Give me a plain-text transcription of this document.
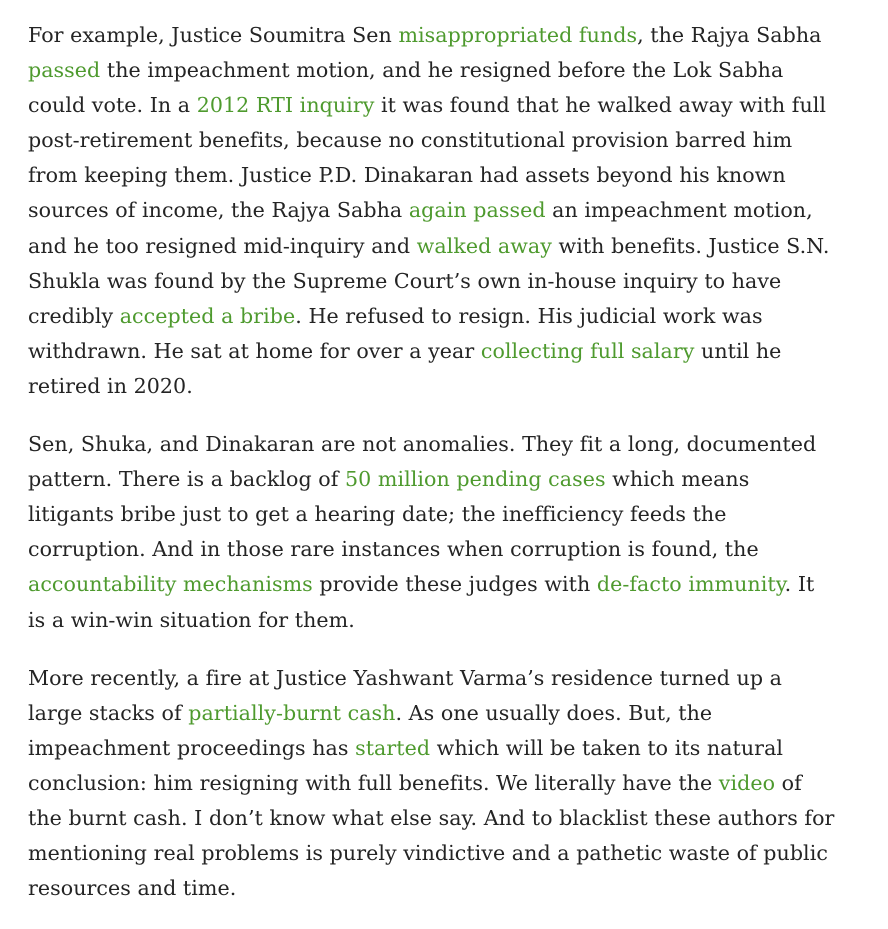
For example, Justice Soumitra Sen misappropriated funds, the Rajya Sabha passed the impeachment motion, and he resigned before the Lok Sabha could vote. In a 2012 RTI inquiry it was found that he walked away with full post-retirement benefits, because no constitutional provision barred him from keeping them. Justice P.D. Dinakaran had assets beyond his known sources of income, the Rajya Sabha again passed an impeachment motion, and he too resigned mid-inquiry and walked away with benefits. Justice S.N. Shukla was found by the Supreme Court’s own in-house inquiry to have credibly accepted a bribe. He refused to resign. His judicial work was withdrawn. He sat at home for over a year collecting full salary until he retired in 2020.

Sen, Shuka, and Dinakaran are not anomalies. They fit a long, documented pattern. There is a backlog of 50 million pending cases which means litigants bribe just to get a hearing date; the inefficiency feeds the corruption. And in those rare instances when corruption is found, the accountability mechanisms provide these judges with de-facto immunity. It is a win-win situation for them.

More recently, a fire at Justice Yashwant Varma’s residence turned up a large stacks of partially-burnt cash. As one usually does. But, the impeachment proceedings has started which will be taken to its natural conclusion: him resigning with full benefits. We literally have the video of the burnt cash. I don’t know what else say. And to blacklist these authors for mentioning real problems is purely vindictive and a pathetic waste of public resources and time.
